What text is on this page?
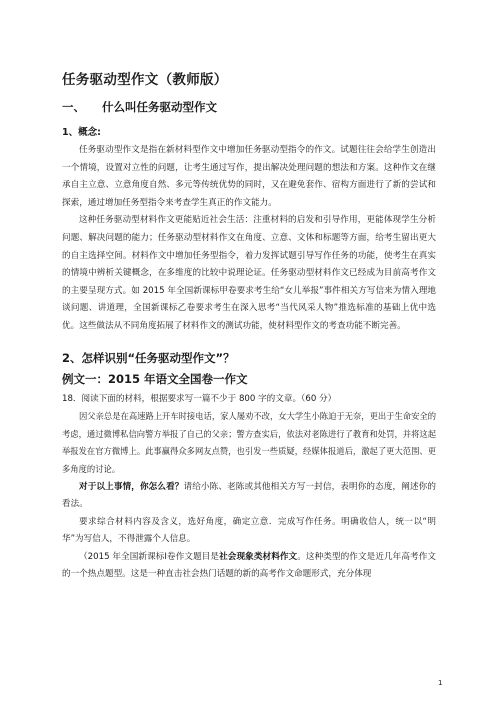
任务驱动型作文（教师版）
一、 什么叫任务驱动型作文
1、概念:

任务驱动型作文是指在新材料型作文中增加任务驱动型指令的作文。试题往往会给学生创造出一个情境，设置对立性的问题，让考生通过写作，提出解决处理问题的想法和方案。这种作文在继承自主立意、立意角度自然、多元等传统优势的同时，又在避免套作、宿构方面进行了新的尝试和探索，通过增加任务型指令来考查学生真正的作文能力。

这种任务驱动型材料作文更能贴近社会生活：注重材料的启发和引导作用，更能体现学生分析问题、解决问题的能力；任务驱动型材料作文在角度、立意、文体和标题等方面，给考生留出更大的自主选择空间。材料作文中增加任务型指令，着力发挥试题引导写作任务的功能，使考生在真实的情境中辨析关键概念，在多维度的比较中说理论证。任务驱动型材料作文已经成为目前高考作文的主要呈现方式。如 2015 年全国新课标甲卷要求考生给“女儿举报”事件相关方写信来为情入理地谈问题、讲道理，全国新课标乙卷要求考生在深入思考“当代风采人物”推选标准的基础上优中选优。这些做法从不同角度拓展了材料作文的测试功能，使材料型作文的考查功能不断完善。

2、怎样识别“任务驱动型作文”？
例文一：2015 年语文全国卷一作文

18．阅读下面的材料，根据要求写一篇不少于 800 字的文章。（60 分）

因父亲总是在高速路上开车时接电话，家人屡劝不改，女大学生小陈迫于无奈，更出于生命安全的考虑，通过微博私信向警方举报了自己的父亲；警方查实后，依法对老陈进行了教育和处罚，并将这起举报发在官方微博上。此事赢得众多网友点赞，也引发一些质疑，经媒体报道后，激起了更大范围、更多角度的讨论。

对于以上事情，你怎么看？请给小陈、老陈或其他相关方写一封信，表明你的态度，阐述你的看法。

要求综合材料内容及含义，选好角度，确定立意．完成写作任务。明确收信人，统一以“明华”为写信人，不得泄露个人信息。

（2015 年全国新课标Ⅰ卷作文题目是社会现象类材料作文。这种类型的作文是近几年高考作文的一个热点题型。这是一种直击社会热门话题的新的高考作文命题形式，充分体现

1
